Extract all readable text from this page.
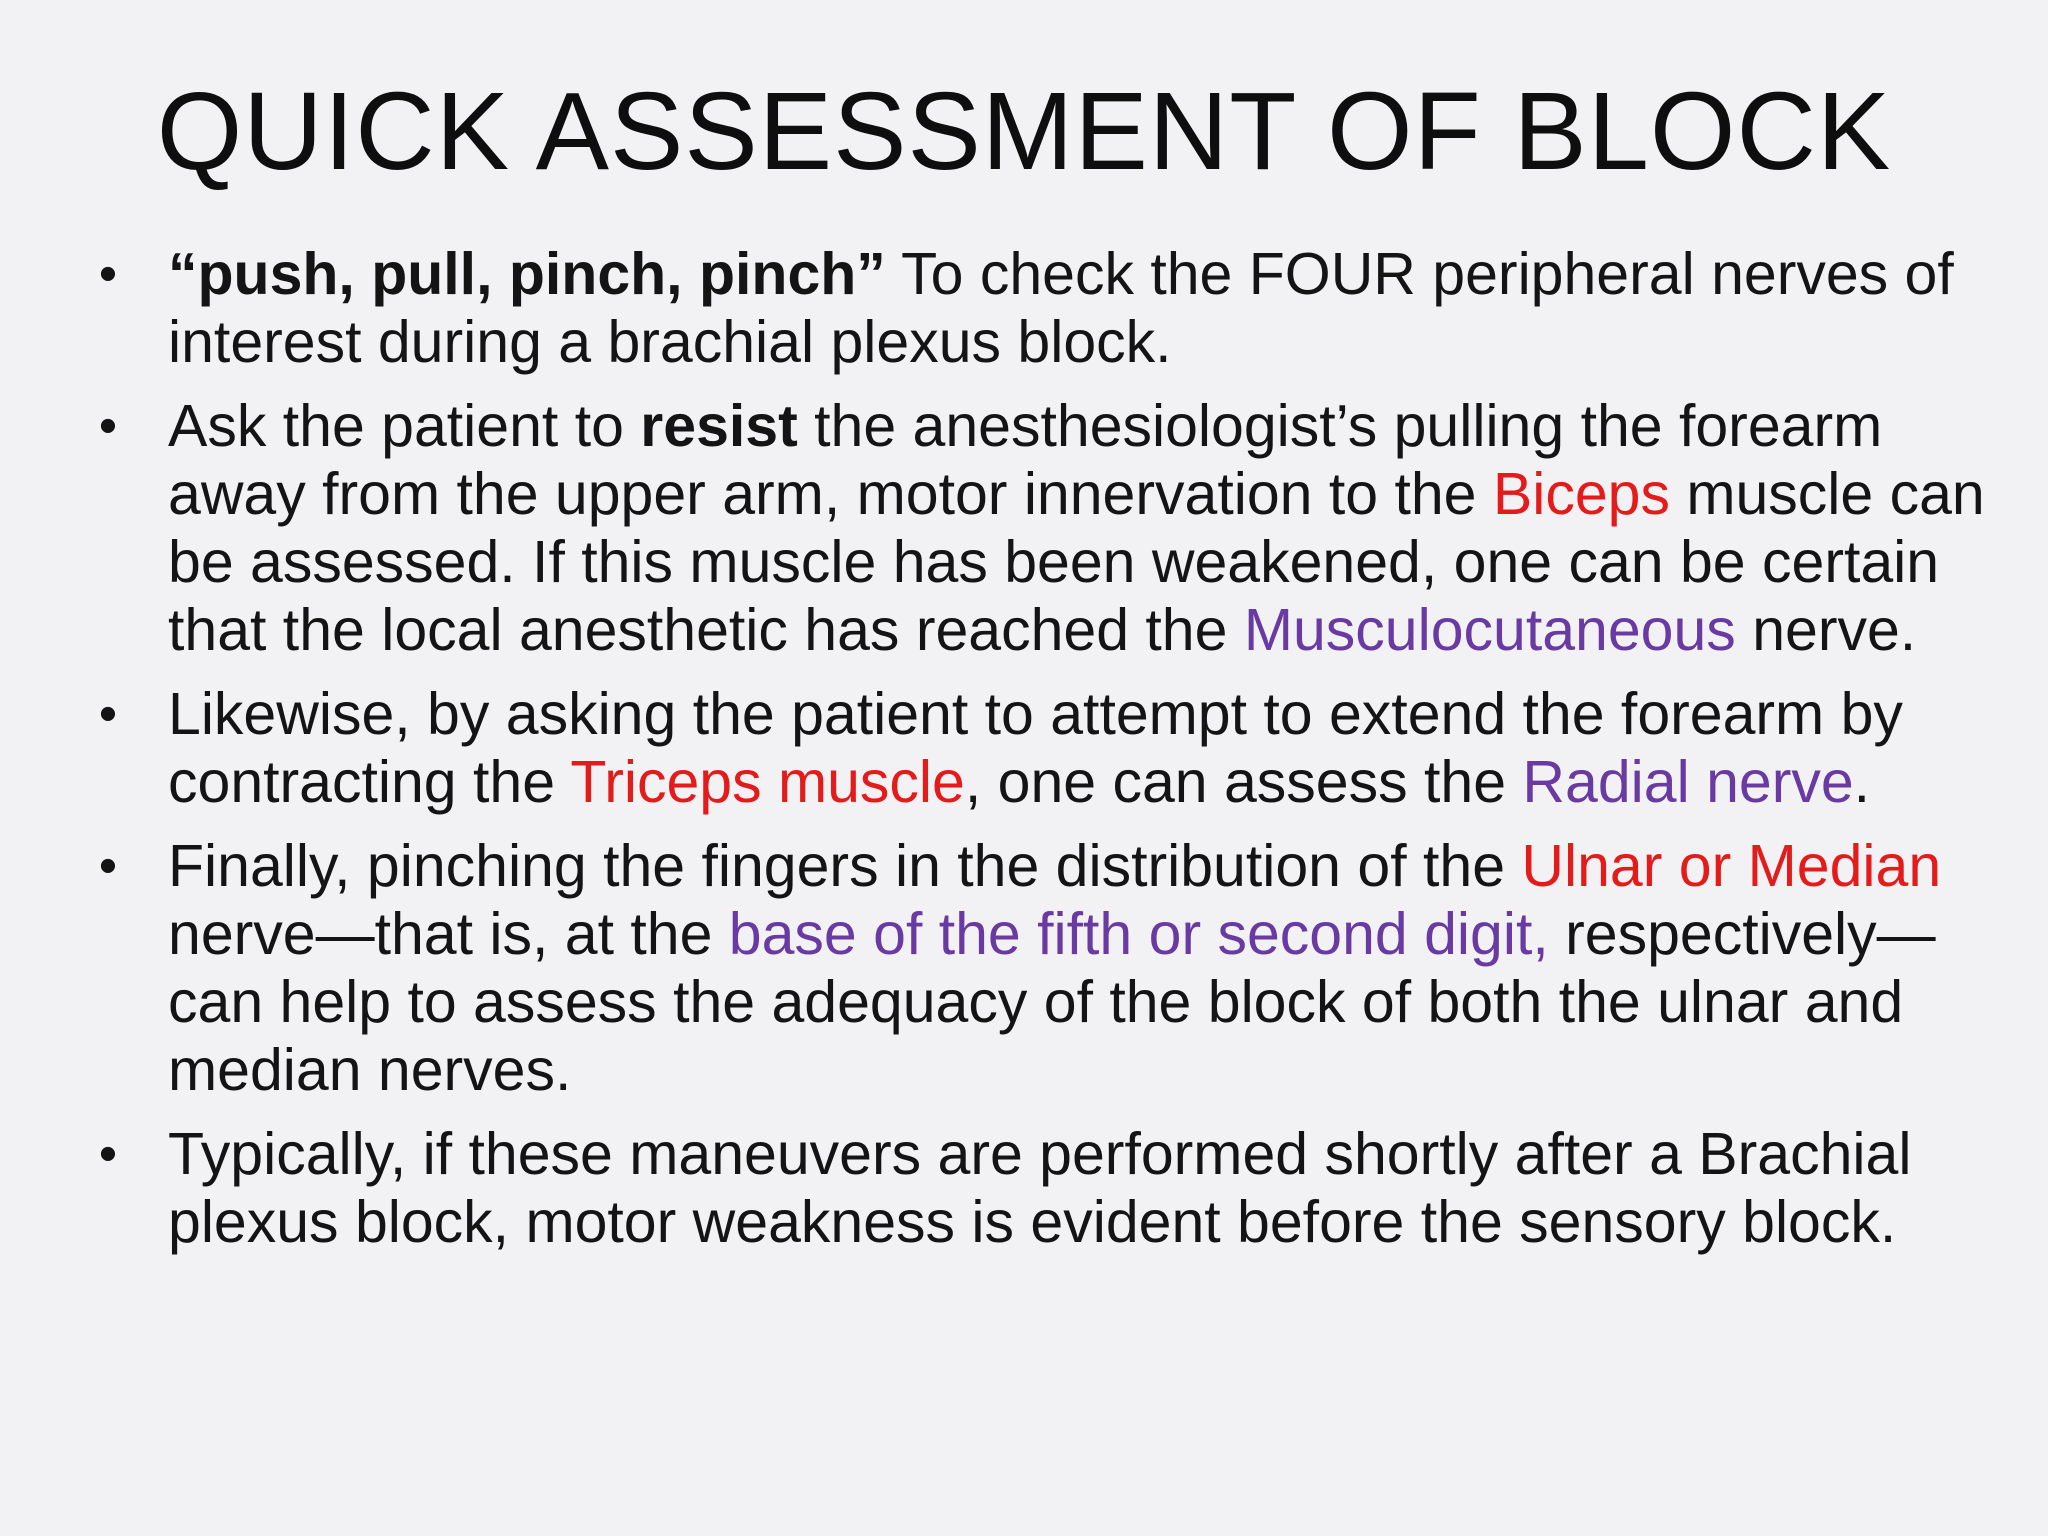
QUICK ASSESSMENT OF BLOCK
• “push, pull, pinch, pinch” To check the FOUR peripheral nerves of interest during a brachial plexus block.
• Ask the patient to resist the anesthesiologist’s pulling the forearm away from the upper arm, motor innervation to the Biceps muscle can be assessed. If this muscle has been weakened, one can be certain that the local anesthetic has reached the Musculocutaneous nerve.
• Likewise, by asking the patient to attempt to extend the forearm by contracting the Triceps muscle, one can assess the Radial nerve.
• Finally, pinching the fingers in the distribution of the Ulnar or Median nerve—that is, at the base of the fifth or second digit, respectively—can help to assess the adequacy of the block of both the ulnar and median nerves.
• Typically, if these maneuvers are performed shortly after a Brachial plexus block, motor weakness is evident before the sensory block.
